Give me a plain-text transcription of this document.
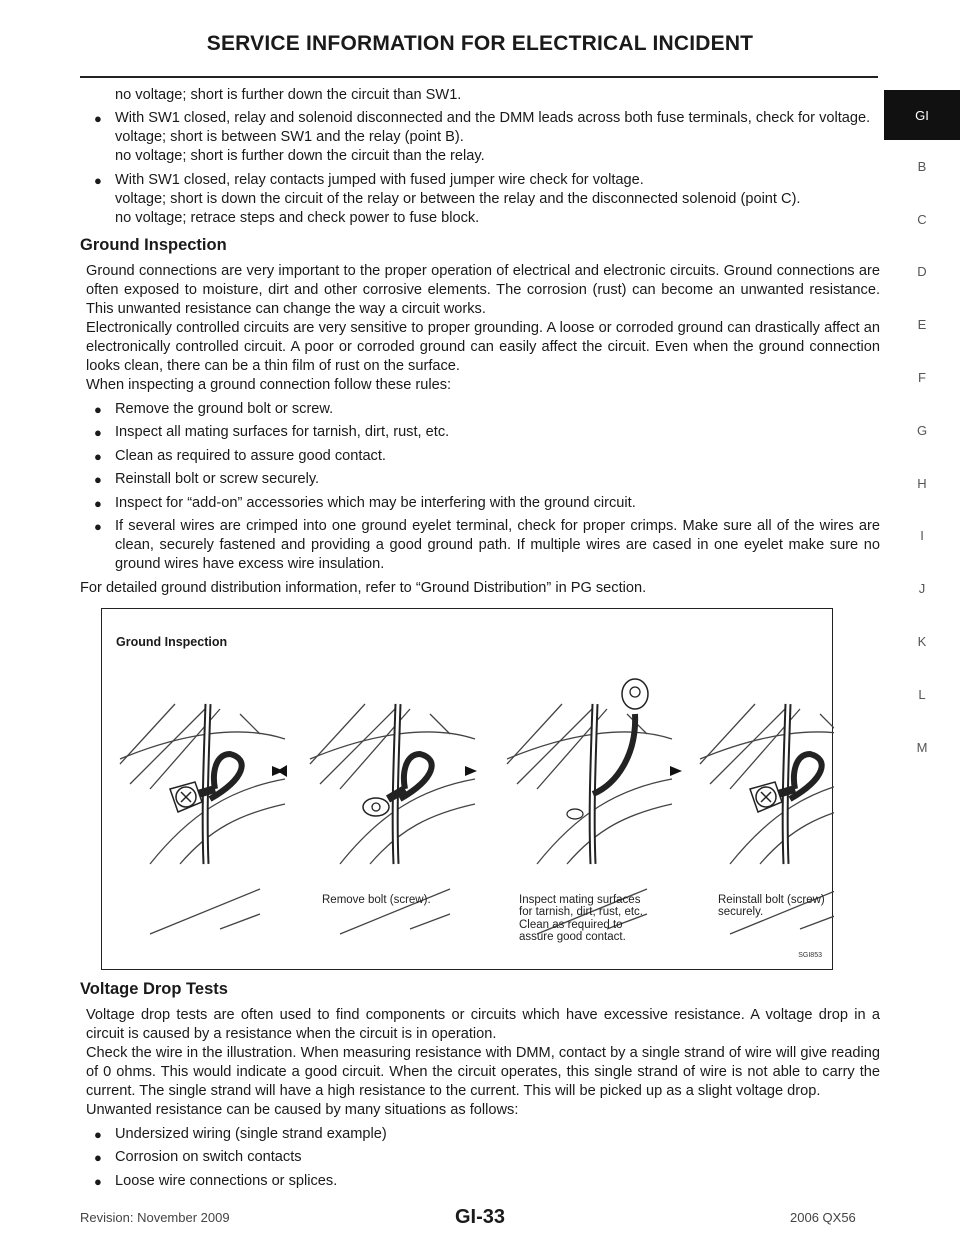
SERVICE INFORMATION FOR ELECTRICAL INCIDENT
GI
B
C
D
E
F
G
H
I
J
K
L
M

no voltage; short is further down the circuit than SW1.

● With SW1 closed, relay and solenoid disconnected and the DMM leads across both fuse terminals, check for voltage.
voltage; short is between SW1 and the relay (point B).
no voltage; short is further down the circuit than the relay.
● With SW1 closed, relay contacts jumped with fused jumper wire check for voltage.
voltage; short is down the circuit of the relay or between the relay and the disconnected solenoid (point C).
no voltage; retrace steps and check power to fuse block.
Ground Inspection

Ground connections are very important to the proper operation of electrical and electronic circuits. Ground connections are often exposed to moisture, dirt and other corrosive elements. The corrosion (rust) can become an unwanted resistance. This unwanted resistance can change the way a circuit works.

Electronically controlled circuits are very sensitive to proper grounding. A loose or corroded ground can drastically affect an electronically controlled circuit. A poor or corroded ground can easily affect the circuit. Even when the ground connection looks clean, there can be a thin film of rust on the surface.

When inspecting a ground connection follow these rules:

● Remove the ground bolt or screw.
● Inspect all mating surfaces for tarnish, dirt, rust, etc.
● Clean as required to assure good contact.
● Reinstall bolt or screw securely.
● Inspect for “add-on” accessories which may be interfering with the ground circuit.
● If several wires are crimped into one ground eyelet terminal, check for proper crimps. Make sure all of the wires are clean, securely fastened and providing a good ground path. If multiple wires are cased in one eyelet make sure no ground wires have excess wire insulation.

For detailed ground distribution information, refer to “Ground Distribution” in PG section.

Ground Inspection
Remove bolt (screw).	Inspect mating surfaces
for tarnish, dirt, rust, etc.
Clean as required to
assure good contact.
Reinstall bolt (screw)
securely.
SGI853
Voltage Drop Tests

Voltage drop tests are often used to find components or circuits which have excessive resistance. A voltage drop in a circuit is caused by a resistance when the circuit is in operation.

Check the wire in the illustration. When measuring resistance with DMM, contact by a single strand of wire will give reading of 0 ohms. This would indicate a good circuit. When the circuit operates, this single strand of wire is not able to carry the current. The single strand will have a high resistance to the current. This will be picked up as a slight voltage drop.

Unwanted resistance can be caused by many situations as follows:

● Undersized wiring (single strand example)
● Corrosion on switch contacts
● Loose wire connections or splices.
Revision: November 2009	GI-33	2006 QX56
